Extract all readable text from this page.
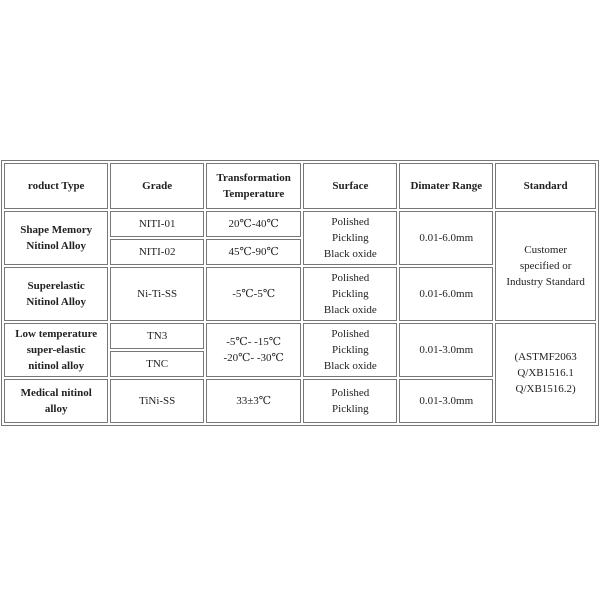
roduct Type	Grade	Transformation Temperature	Surface	Dimater Range	Standard

Shape Memory
Nitinol Alloy	NITI-01	20℃-40℃	Polished
Pickling
Black oxide	0.01-6.0mm	Customer
specified or
Industry Standard

	NITI-02	45℃-90℃			

Superelastic
Nitinol Alloy	Ni-Ti-SS	-5℃-5℃	Polished
Pickling
Black oxide	0.01-6.0mm	

Low temperature
super-elastic
nitinol alloy	TN3	-5℃- -15℃
-20℃- -30℃	Polished
Pickling
Black oxide	0.01-3.0mm	(ASTMF2063
Q/XB1516.1
Q/XB1516.2)

	TNC				

Medical nitinol
alloy	TiNi-SS	33±3℃	Polished
Pickling	0.01-3.0mm	
